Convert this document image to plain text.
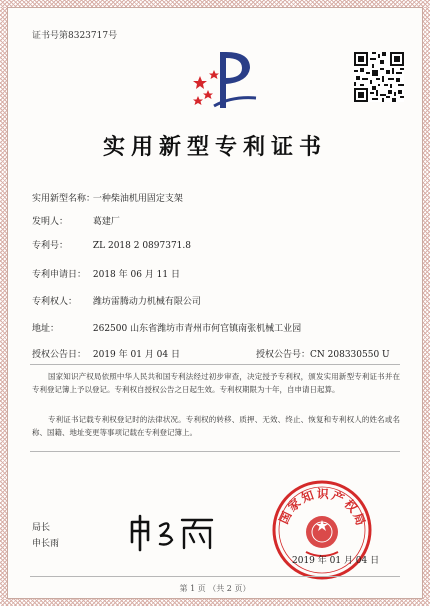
证书号第8323717号
实用新型专利证书
实用新型名称： 一种柴油机用固定支架
发明人：	葛建厂
专利号：	ZL 2018 2 0897371.8
专利申请日： 2018 年 06 月 11 日
专利权人： 潍坊雷腾动力机械有限公司
地址：	262500 山东省潍坊市青州市何官镇南张机械工业园
授权公告日： 2019 年 01 月 04 日	授权公告号：CN 208330550 U
国家知识产权局依照中华人民共和国专利法经过初步审查，决定授予专利权，颁发实用新型专利证书并在专利登记簿上予以登记。专利权自授权公告之日起生效。专利权期限为十年，自申请日起算。
专利证书记载专利权登记时的法律状况。专利权的转移、质押、无效、终止、恢复和专利权人的姓名或名称、国籍、地址变更等事项记载在专利登记簿上。
局长
申长雨
国家知识产权局
2019 年 01 月 04 日
第 1 页 （共 2 页）
